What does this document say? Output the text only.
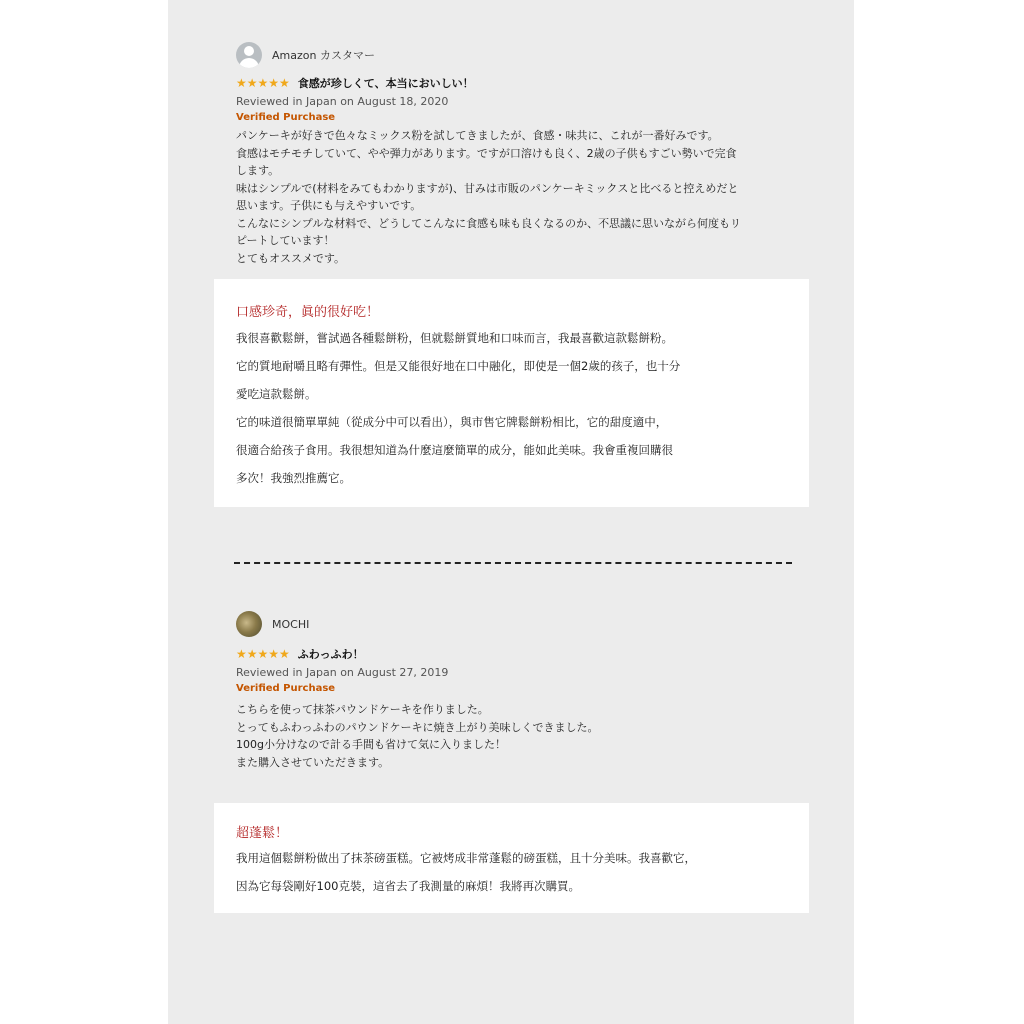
Amazon カスタマー
★★★★★ 食感が珍しくて、本当においしい！
Reviewed in Japan on August 18, 2020
Verified Purchase

パンケーキが好きで色々なミックス粉を試してきましたが、食感・味共に、これが一番好みです。

食感はモチモチしていて、やや弾力があります。ですが口溶けも良く、2歳の子供もすごい勢いで完食

します。

味はシンプルで(材料をみてもわかりますが)、甘みは市販のパンケーキミックスと比べると控えめだと

思います。子供にも与えやすいです。

こんなにシンプルな材料で、どうしてこんなに食感も味も良くなるのか、不思議に思いながら何度もリ

ピートしています！

とてもオススメです。

口感珍奇，眞的很好吃！

我很喜歡鬆餅，嘗試過各種鬆餅粉，但就鬆餅質地和口味而言，我最喜歡這款鬆餅粉。

它的質地耐嚼且略有彈性。但是又能很好地在口中融化，即使是一個2歲的孩子，也十分

愛吃這款鬆餅。

它的味道很簡單單純（從成分中可以看出），與市售它牌鬆餅粉相比，它的甜度適中，

很適合給孩子食用。我很想知道為什麼這麼簡單的成分，能如此美味。我會重複回購很

多次！我強烈推薦它。

MOCHI
★★★★★ ふわっふわ！
Reviewed in Japan on August 27, 2019
Verified Purchase

こちらを使って抹茶パウンドケーキを作りました。

とってもふわっふわのパウンドケーキに焼き上がり美味しくできました。

100g小分けなので計る手間も省けて気に入りました！

また購入させていただきます。

超蓬鬆！

我用這個鬆餅粉做出了抹茶磅蛋糕。它被烤成非常蓬鬆的磅蛋糕，且十分美味。我喜歡它，

因為它每袋剛好100克裝，這省去了我測量的麻煩！我將再次購買。
